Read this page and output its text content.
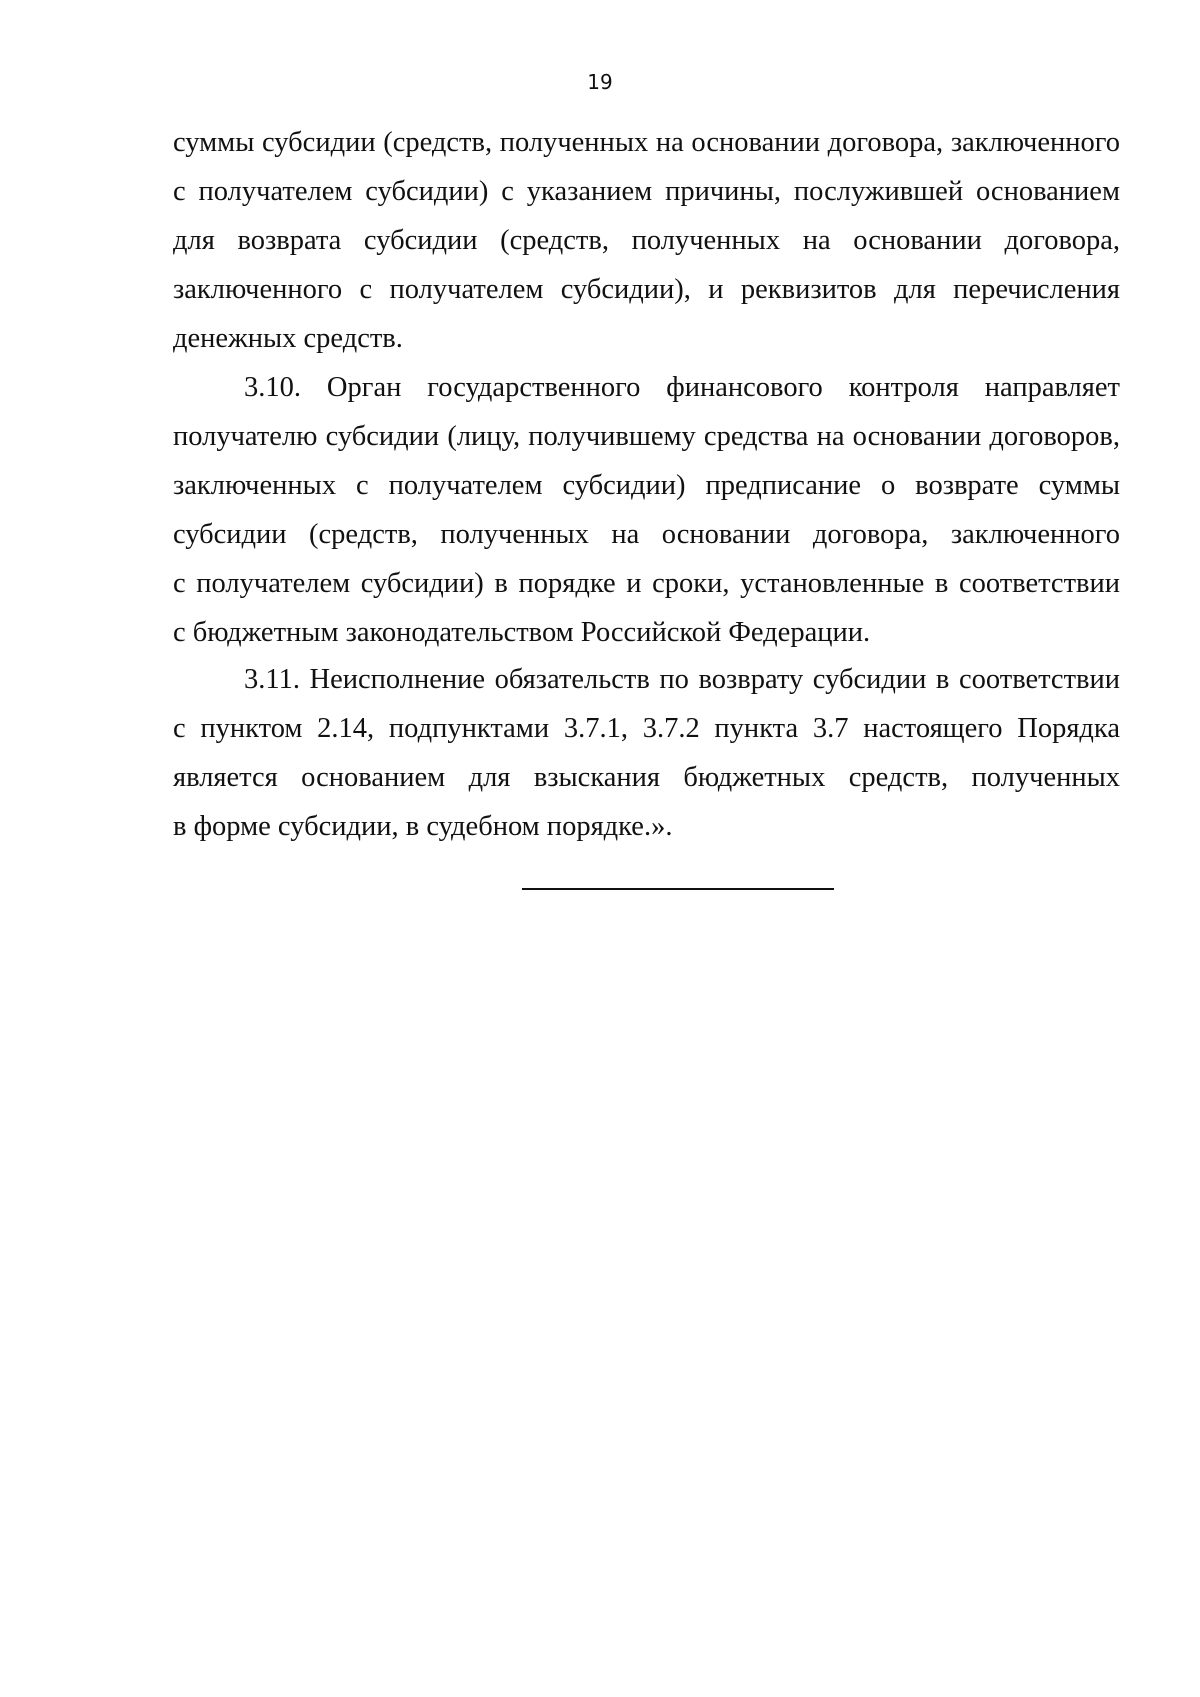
19
суммы субсидии (средств, полученных на основании договора, заключенного
с получателем субсидии) с указанием причины, послужившей основанием
для возврата субсидии (средств, полученных на основании договора,
заключенного с получателем субсидии), и реквизитов для перечисления
денежных средств.
3.10. Орган государственного финансового контроля направляет
получателю субсидии (лицу, получившему средства на основании договоров,
заключенных с получателем субсидии) предписание о возврате суммы
субсидии (средств, полученных на основании договора, заключенного
с получателем субсидии) в порядке и сроки, установленные в соответствии
с бюджетным законодательством Российской Федерации.
3.11. Неисполнение обязательств по возврату субсидии в соответствии
с пунктом 2.14, подпунктами 3.7.1, 3.7.2 пункта 3.7 настоящего Порядка
является основанием для взыскания бюджетных средств, полученных
в форме субсидии, в судебном порядке.».
